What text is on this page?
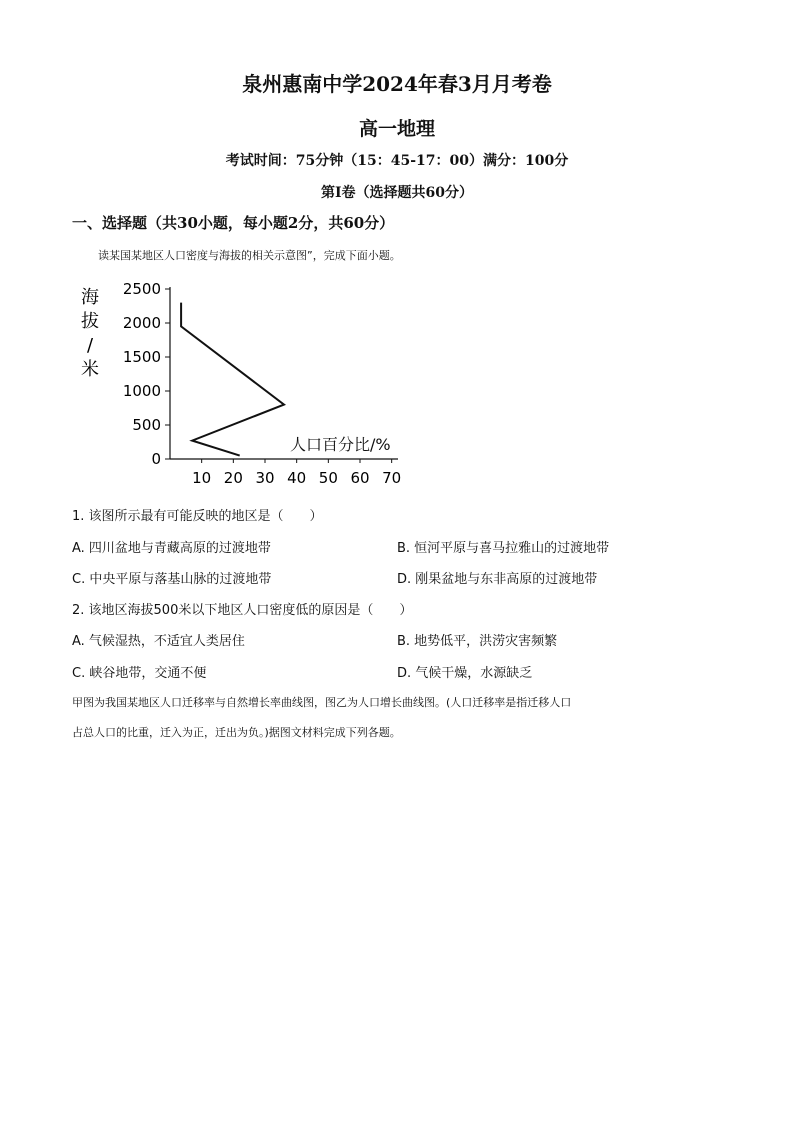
泉州惠南中学2024年春3月月考卷
高一地理
考试时间：75分钟（15：45-17：00）满分：100分
第Ⅰ卷（选择题共60分）
一、选择题（共30小题，每小题2分，共60分）
读某国某地区人口密度与海拔的相关示意图”，完成下面小题。
海
拔
/
米
0
500
1000
1500
2000
2500
10 20 30 40 50 60 70
人口百分比/%
1. 该图所示最有可能反映的地区是（　　）
A. 四川盆地与青藏高原的过渡地带	B. 恒河平原与喜马拉雅山的过渡地带
C. 中央平原与落基山脉的过渡地带	D. 刚果盆地与东非高原的过渡地带
2. 该地区海拔500米以下地区人口密度低的原因是（　　）
A. 气候湿热，不适宜人类居住	B. 地势低平，洪涝灾害频繁
C. 峡谷地带，交通不便	D. 气候干燥，水源缺乏
甲图为我国某地区人口迁移率与自然增长率曲线图，图乙为人口增长曲线图。(人口迁移率是指迁移人口
占总人口的比重，迁入为正，迁出为负。)据图文材料完成下列各题。
